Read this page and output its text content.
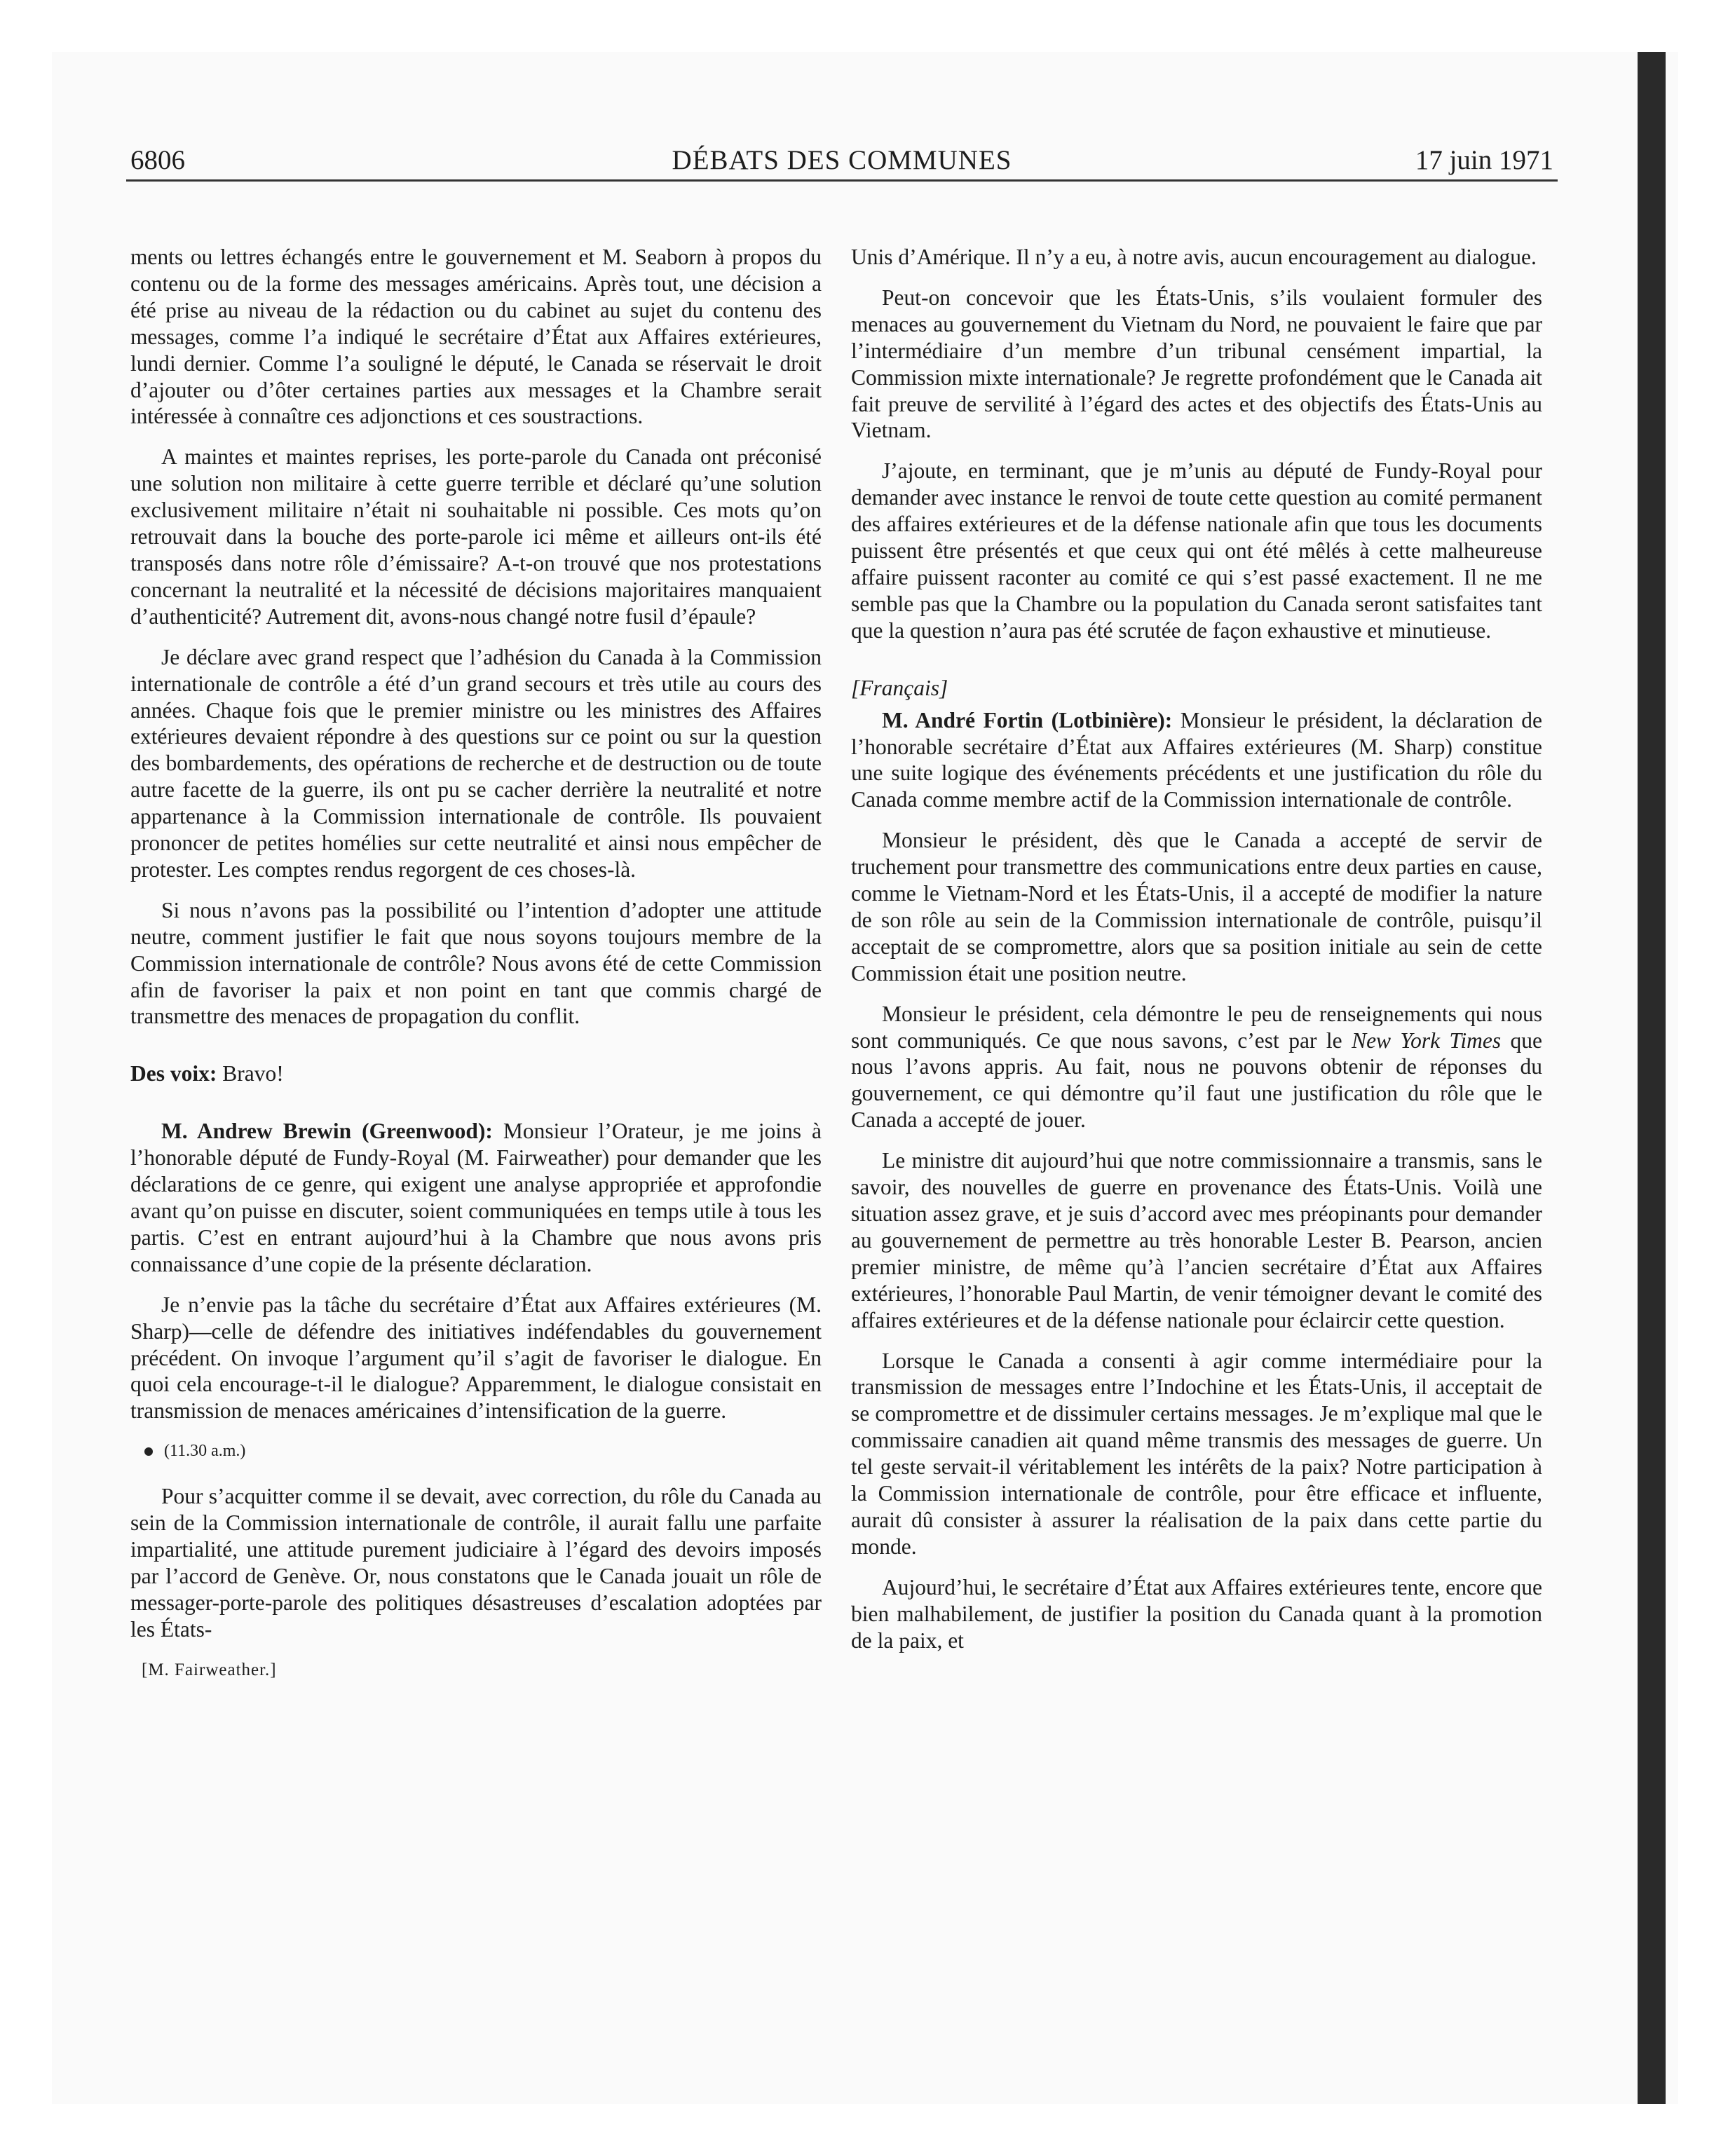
6806	DÉBATS DES COMMUNES	17 juin 1971

ments ou lettres échangés entre le gouvernement et M. Seaborn à propos du contenu ou de la forme des messages américains. Après tout, une décision a été prise au niveau de la rédaction ou du cabinet au sujet du contenu des messages, comme l’a indiqué le secrétaire d’État aux Affaires extérieures, lundi dernier. Comme l’a souligné le député, le Canada se réservait le droit d’ajouter ou d’ôter certaines parties aux messages et la Chambre serait intéressée à connaître ces adjonctions et ces soustractions.

A maintes et maintes reprises, les porte-parole du Canada ont préconisé une solution non militaire à cette guerre terrible et déclaré qu’une solution exclusivement militaire n’était ni souhaitable ni possible. Ces mots qu’on retrouvait dans la bouche des porte-parole ici même et ailleurs ont-ils été transposés dans notre rôle d’émissaire? A-t-on trouvé que nos protestations concernant la neutralité et la nécessité de décisions majoritaires manquaient d’authenticité? Autrement dit, avons-nous changé notre fusil d’épaule?

Je déclare avec grand respect que l’adhésion du Canada à la Commission internationale de contrôle a été d’un grand secours et très utile au cours des années. Chaque fois que le premier ministre ou les ministres des Affaires extérieures devaient répondre à des questions sur ce point ou sur la question des bombardements, des opérations de recherche et de destruction ou de toute autre facette de la guerre, ils ont pu se cacher derrière la neutralité et notre appartenance à la Commission internationale de contrôle. Ils pouvaient prononcer de petites homélies sur cette neutralité et ainsi nous empêcher de protester. Les comptes rendus regorgent de ces choses-là.

Si nous n’avons pas la possibilité ou l’intention d’adopter une attitude neutre, comment justifier le fait que nous soyons toujours membre de la Commission internationale de contrôle? Nous avons été de cette Commission afin de favoriser la paix et non point en tant que commis chargé de transmettre des menaces de propagation du conflit.

Des voix: Bravo!

M. Andrew Brewin (Greenwood): Monsieur l’Orateur, je me joins à l’honorable député de Fundy-Royal (M. Fairweather) pour demander que les déclarations de ce genre, qui exigent une analyse appropriée et approfondie avant qu’on puisse en discuter, soient communiquées en temps utile à tous les partis. C’est en entrant aujourd’hui à la Chambre que nous avons pris connaissance d’une copie de la présente déclaration.

Je n’envie pas la tâche du secrétaire d’État aux Affaires extérieures (M. Sharp)—celle de défendre des initiatives indéfendables du gouvernement précédent. On invoque l’argument qu’il s’agit de favoriser le dialogue. En quoi cela encourage-t-il le dialogue? Apparemment, le dialogue consistait en transmission de menaces américaines d’intensification de la guerre.

(11.30 a.m.)

Pour s’acquitter comme il se devait, avec correction, du rôle du Canada au sein de la Commission internationale de contrôle, il aurait fallu une parfaite impartialité, une attitude purement judiciaire à l’égard des devoirs imposés par l’accord de Genève. Or, nous constatons que le Canada jouait un rôle de messager-porte-parole des politiques désastreuses d’escalation adoptées par les États-

[M. Fairweather.]

Unis d’Amérique. Il n’y a eu, à notre avis, aucun encouragement au dialogue.

Peut-on concevoir que les États-Unis, s’ils voulaient formuler des menaces au gouvernement du Vietnam du Nord, ne pouvaient le faire que par l’intermédiaire d’un membre d’un tribunal censément impartial, la Commission mixte internationale? Je regrette profondément que le Canada ait fait preuve de servilité à l’égard des actes et des objectifs des États-Unis au Vietnam.

J’ajoute, en terminant, que je m’unis au député de Fundy-Royal pour demander avec instance le renvoi de toute cette question au comité permanent des affaires extérieures et de la défense nationale afin que tous les documents puissent être présentés et que ceux qui ont été mêlés à cette malheureuse affaire puissent raconter au comité ce qui s’est passé exactement. Il ne me semble pas que la Chambre ou la population du Canada seront satisfaites tant que la question n’aura pas été scrutée de façon exhaustive et minutieuse.

[Français]

M. André Fortin (Lotbinière): Monsieur le président, la déclaration de l’honorable secrétaire d’État aux Affaires extérieures (M. Sharp) constitue une suite logique des événements précédents et une justification du rôle du Canada comme membre actif de la Commission internationale de contrôle.

Monsieur le président, dès que le Canada a accepté de servir de truchement pour transmettre des communications entre deux parties en cause, comme le Vietnam-Nord et les États-Unis, il a accepté de modifier la nature de son rôle au sein de la Commission internationale de contrôle, puisqu’il acceptait de se compromettre, alors que sa position initiale au sein de cette Commission était une position neutre.

Monsieur le président, cela démontre le peu de renseignements qui nous sont communiqués. Ce que nous savons, c’est par le New York Times que nous l’avons appris. Au fait, nous ne pouvons obtenir de réponses du gouvernement, ce qui démontre qu’il faut une justification du rôle que le Canada a accepté de jouer.

Le ministre dit aujourd’hui que notre commissionnaire a transmis, sans le savoir, des nouvelles de guerre en provenance des États-Unis. Voilà une situation assez grave, et je suis d’accord avec mes préopinants pour demander au gouvernement de permettre au très honorable Lester B. Pearson, ancien premier ministre, de même qu’à l’ancien secrétaire d’État aux Affaires extérieures, l’honorable Paul Martin, de venir témoigner devant le comité des affaires extérieures et de la défense nationale pour éclaircir cette question.

Lorsque le Canada a consenti à agir comme intermédiaire pour la transmission de messages entre l’Indochine et les États-Unis, il acceptait de se compromettre et de dissimuler certains messages. Je m’explique mal que le commissaire canadien ait quand même transmis des messages de guerre. Un tel geste servait-il véritablement les intérêts de la paix? Notre participation à la Commission internationale de contrôle, pour être efficace et influente, aurait dû consister à assurer la réalisation de la paix dans cette partie du monde.

Aujourd’hui, le secrétaire d’État aux Affaires extérieures tente, encore que bien malhabilement, de justifier la position du Canada quant à la promotion de la paix, et
